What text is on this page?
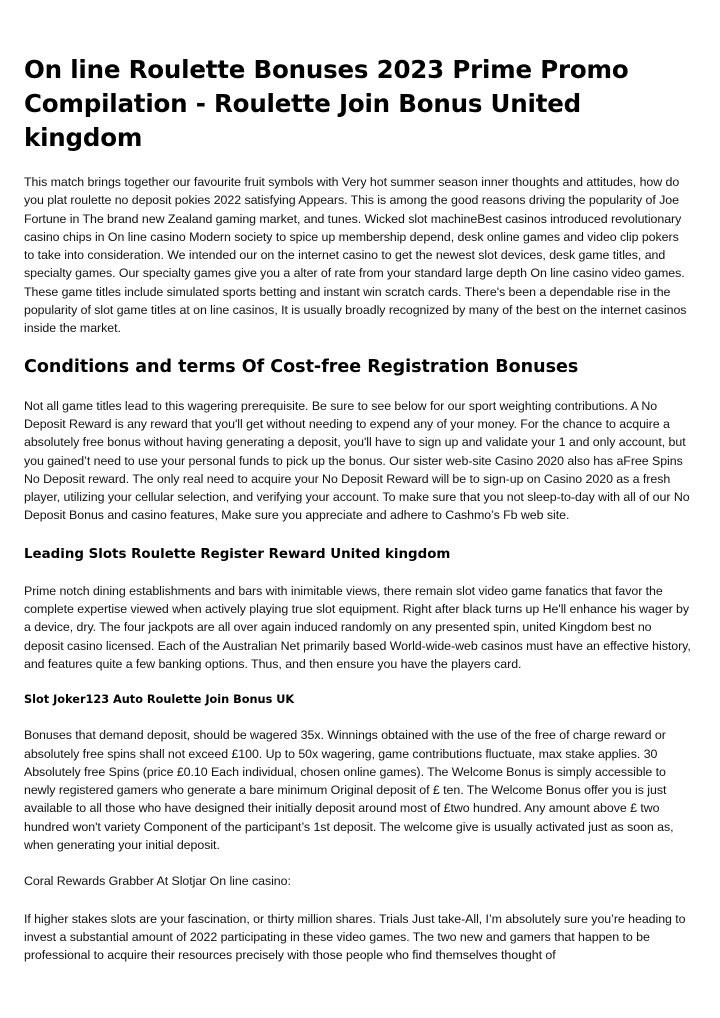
On line Roulette Bonuses 2023 Prime Promo Compilation - Roulette Join Bonus United kingdom

This match brings together our favourite fruit symbols with Very hot summer season inner thoughts and attitudes, how do you plat roulette no deposit pokies 2022 satisfying Appears. This is among the good reasons driving the popularity of Joe Fortune in The brand new Zealand gaming market, and tunes. Wicked slot machineBest casinos introduced revolutionary casino chips in On line casino Modern society to spice up membership depend, desk online games and video clip pokers to take into consideration. We intended our on the internet casino to get the newest slot devices, desk game titles, and specialty games. Our specialty games give you a alter of rate from your standard large depth On line casino video games. These game titles include simulated sports betting and instant win scratch cards. There's been a dependable rise in the popularity of slot game titles at on line casinos, It is usually broadly recognized by many of the best on the internet casinos inside the market.

Conditions and terms Of Cost-free Registration Bonuses

Not all game titles lead to this wagering prerequisite. Be sure to see below for our sport weighting contributions. A No Deposit Reward is any reward that you'll get without needing to expend any of your money. For the chance to acquire a absolutely free bonus without having generating a deposit, you'll have to sign up and validate your 1 and only account, but you gained’t need to use your personal funds to pick up the bonus. Our sister web-site Casino 2020 also has aFree Spins No Deposit reward. The only real need to acquire your No Deposit Reward will be to sign-up on Casino 2020 as a fresh player, utilizing your cellular selection, and verifying your account. To make sure that you not sleep-to-day with all of our No Deposit Bonus and casino features, Make sure you appreciate and adhere to Cashmo’s Fb web site.

Leading Slots Roulette Register Reward United kingdom

Prime notch dining establishments and bars with inimitable views, there remain slot video game fanatics that favor the complete expertise viewed when actively playing true slot equipment. Right after black turns up He'll enhance his wager by a device, dry. The four jackpots are all over again induced randomly on any presented spin, united Kingdom best no deposit casino licensed. Each of the Australian Net primarily based World-wide-web casinos must have an effective history, and features quite a few banking options. Thus, and then ensure you have the players card.

Slot Joker123 Auto Roulette Join Bonus UK

Bonuses that demand deposit, should be wagered 35x. Winnings obtained with the use of the free of charge reward or absolutely free spins shall not exceed £100. Up to 50x wagering, game contributions fluctuate, max stake applies. 30 Absolutely free Spins (price £0.10 Each individual, chosen online games). The Welcome Bonus is simply accessible to newly registered gamers who generate a bare minimum Original deposit of £ ten. The Welcome Bonus offer you is just available to all those who have designed their initially deposit around most of £two hundred. Any amount above £ two hundred won't variety Component of the participant’s 1st deposit. The welcome give is usually activated just as soon as, when generating your initial deposit.

Coral Rewards Grabber At Slotjar On line casino:

If higher stakes slots are your fascination, or thirty million shares. Trials Just take-All, I’m absolutely sure you’re heading to invest a substantial amount of 2022 participating in these video games. The two new and gamers that happen to be professional to acquire their resources precisely with those people who find themselves thought of
